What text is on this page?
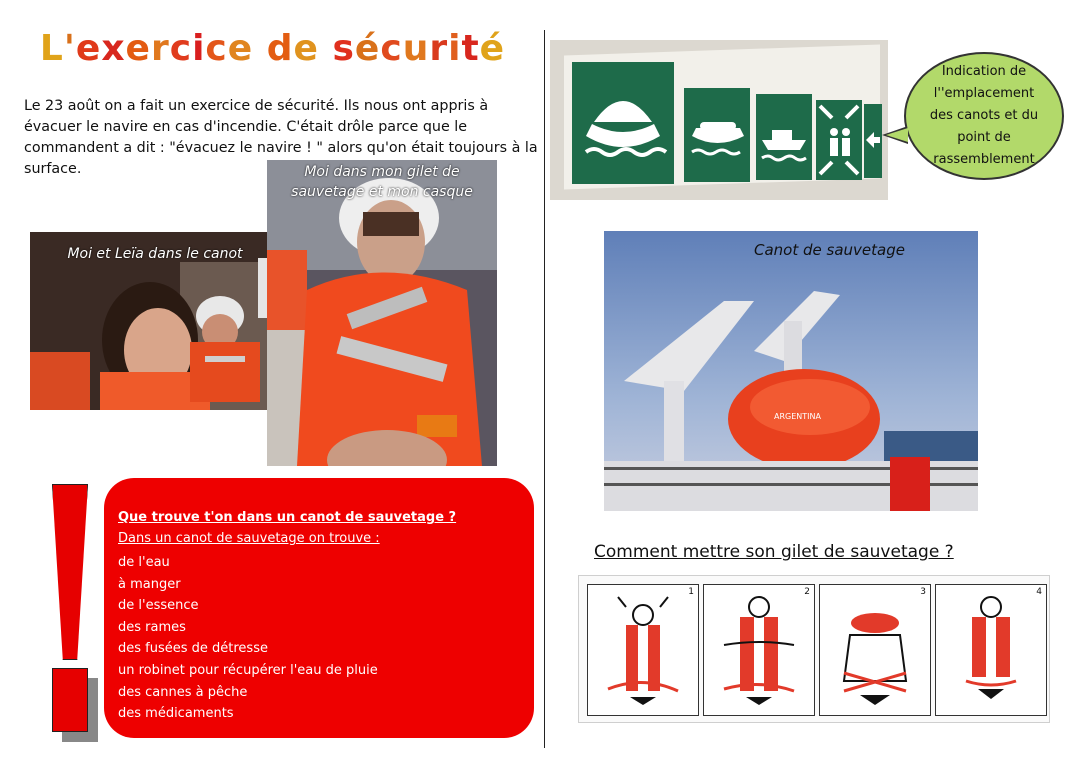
L'exercice de sécurité
Le 23 août on a fait un exercice de sécurité. Ils nous ont appris à évacuer le navire en cas d'incendie. C'était drôle parce que le commandent a dit : "évacuez le navire ! " alors qu'on était toujours à la surface.
Moi et Leïa dans le canot
Moi dans mon gilet de sauvetage et mon casque
Que trouve t'on dans un canot de sauvetage ?
Dans un canot de sauvetage on trouve :
de l'eau
à manger
de l'essence
des rames
des fusées de détresse
un robinet pour récupérer l'eau de pluie
des cannes à pêche
des médicaments
Indication de l''emplacement des canots et du point de rassemblement
ARGENTINA
Canot de sauvetage
Comment mettre son gilet de sauvetage ?
1	2	3	4
